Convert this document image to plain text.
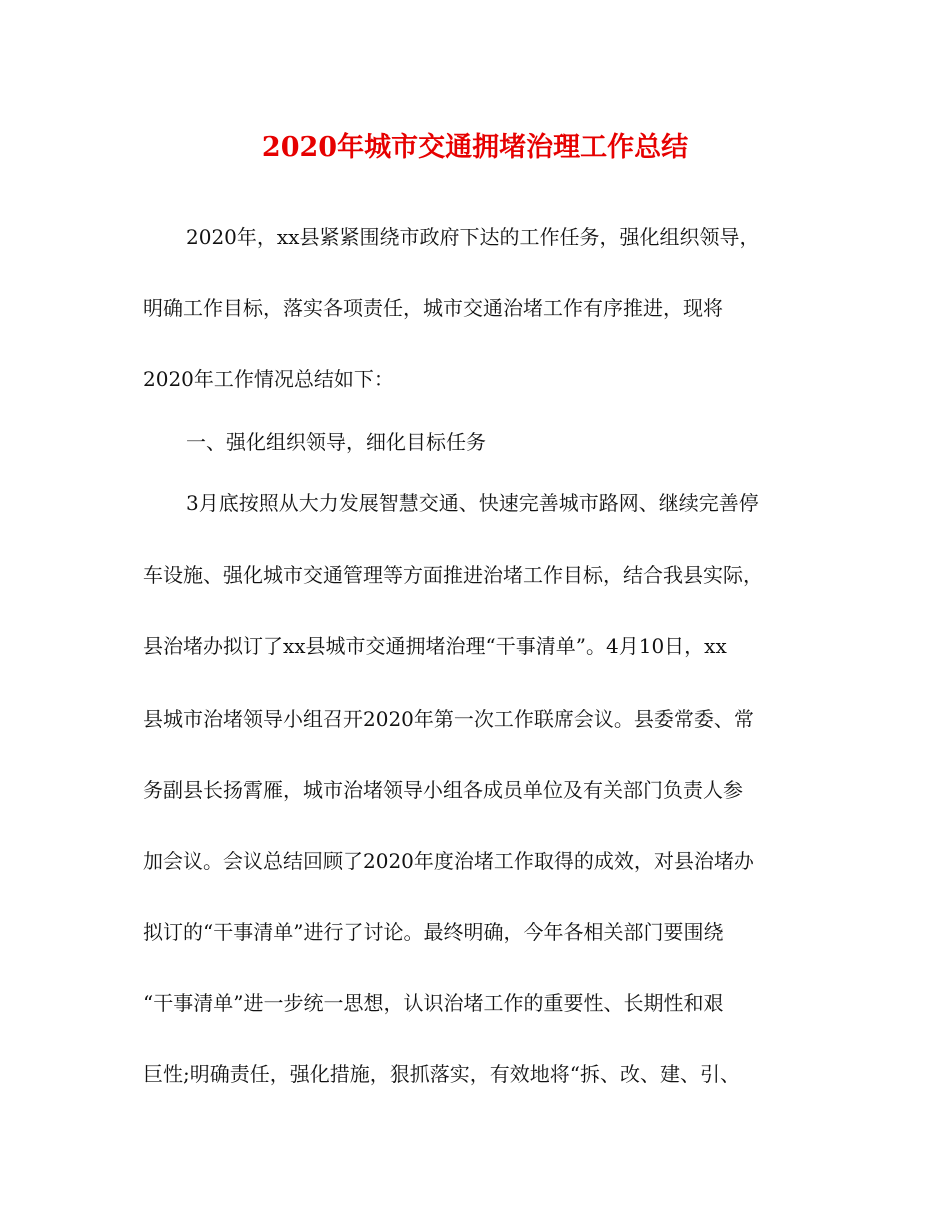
2020年城市交通拥堵治理工作总结

2020年，xx县紧紧围绕市政府下达的工作任务，强化组织领导，

明确工作目标，落实各项责任，城市交通治堵工作有序推进，现将

2020年工作情况总结如下：

一、强化组织领导，细化目标任务

3月底按照从大力发展智慧交通、快速完善城市路网、继续完善停

车设施、强化城市交通管理等方面推进治堵工作目标，结合我县实际，

县治堵办拟订了xx县城市交通拥堵治理“干事清单”。4月10日，xx

县城市治堵领导小组召开2020年第一次工作联席会议。县委常委、常

务副县长扬霄雁，城市治堵领导小组各成员单位及有关部门负责人参

加会议。会议总结回顾了2020年度治堵工作取得的成效，对县治堵办

拟订的“干事清单”进行了讨论。最终明确，今年各相关部门要围绕

“干事清单”进一步统一思想，认识治堵工作的重要性、长期性和艰

巨性;明确责任，强化措施，狠抓落实，有效地将“拆、改、建、引、
